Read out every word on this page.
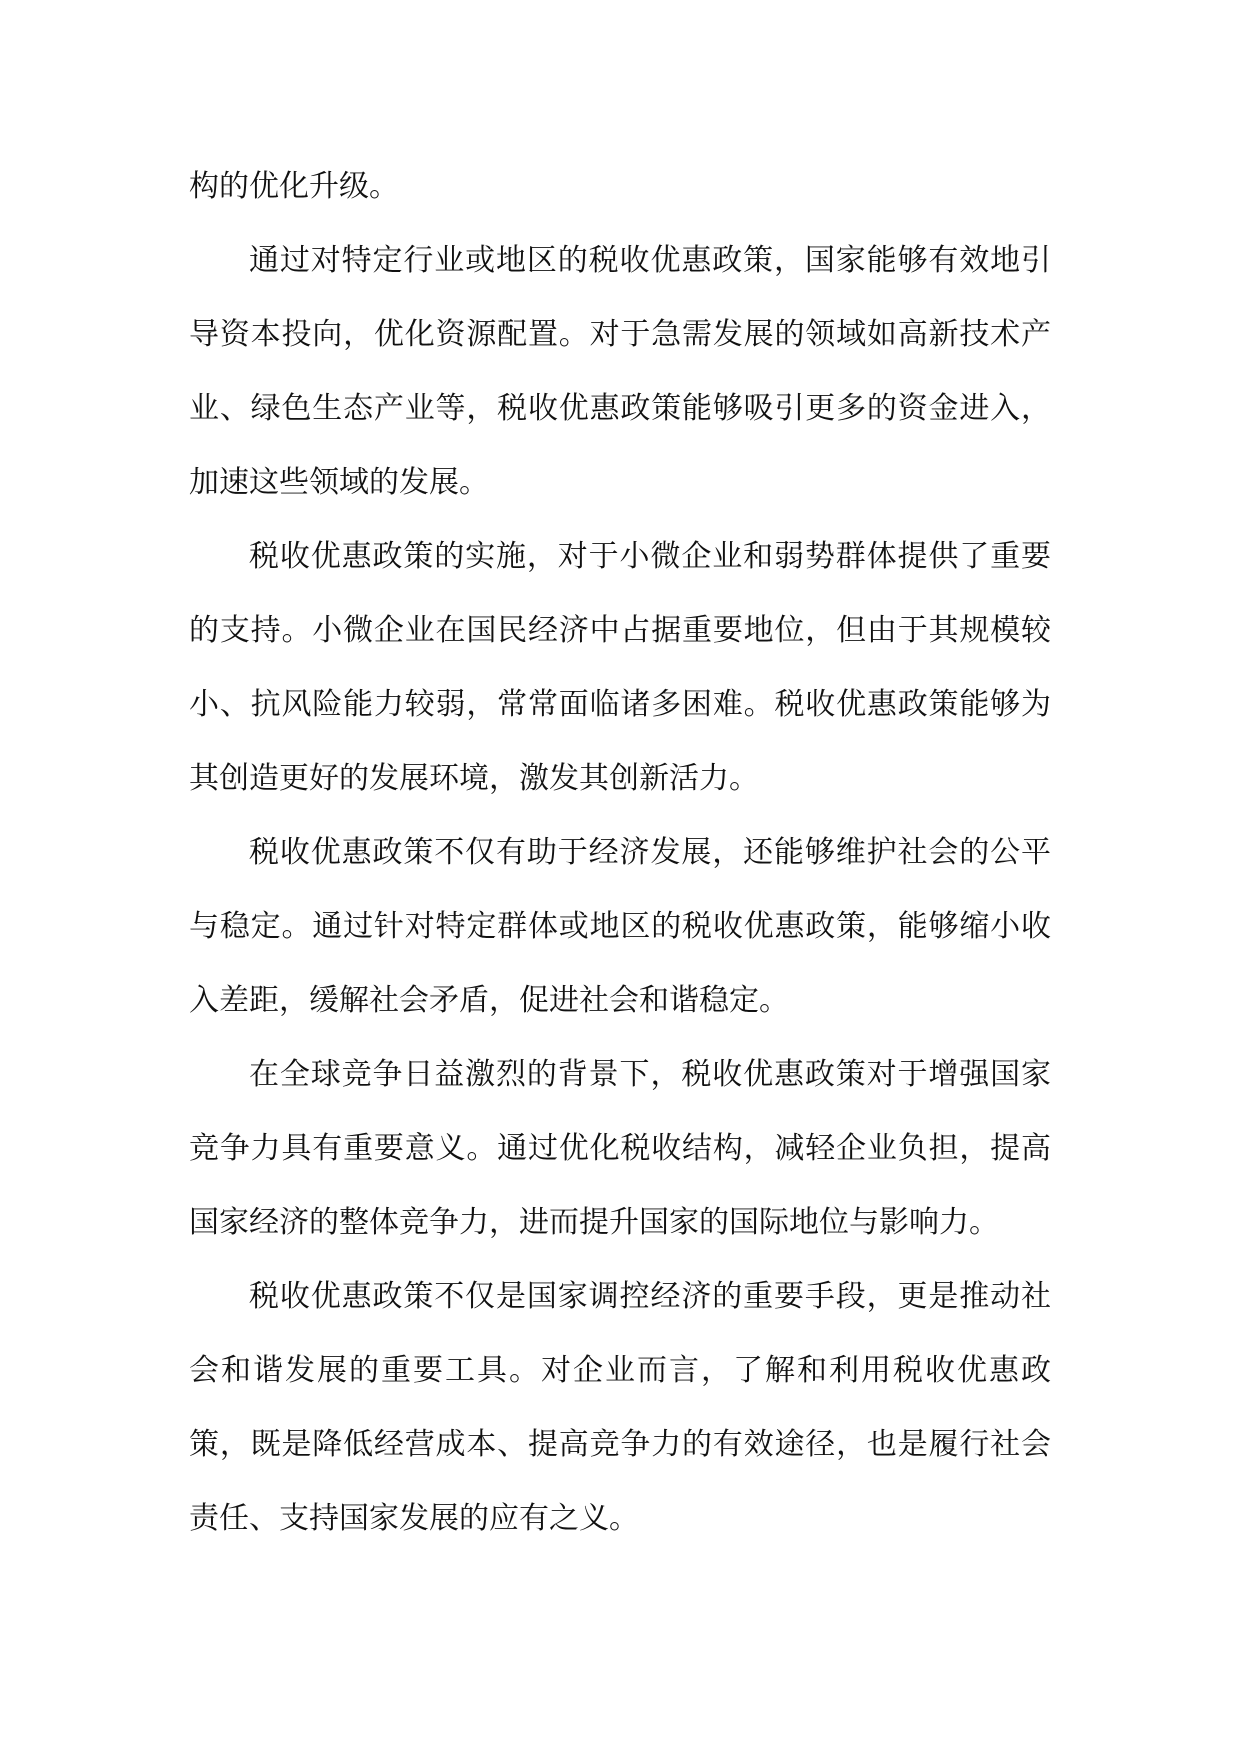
构的优化升级。

通过对特定行业或地区的税收优惠政策，国家能够有效地引导资本投向，优化资源配置。对于急需发展的领域如高新技术产业、绿色生态产业等，税收优惠政策能够吸引更多的资金进入，加速这些领域的发展。

税收优惠政策的实施，对于小微企业和弱势群体提供了重要的支持。小微企业在国民经济中占据重要地位，但由于其规模较小、抗风险能力较弱，常常面临诸多困难。税收优惠政策能够为其创造更好的发展环境，激发其创新活力。

税收优惠政策不仅有助于经济发展，还能够维护社会的公平与稳定。通过针对特定群体或地区的税收优惠政策，能够缩小收入差距，缓解社会矛盾，促进社会和谐稳定。

在全球竞争日益激烈的背景下，税收优惠政策对于增强国家竞争力具有重要意义。通过优化税收结构，减轻企业负担，提高国家经济的整体竞争力，进而提升国家的国际地位与影响力。

税收优惠政策不仅是国家调控经济的重要手段，更是推动社会和谐发展的重要工具。对企业而言，了解和利用税收优惠政策，既是降低经营成本、提高竞争力的有效途径，也是履行社会责任、支持国家发展的应有之义。
